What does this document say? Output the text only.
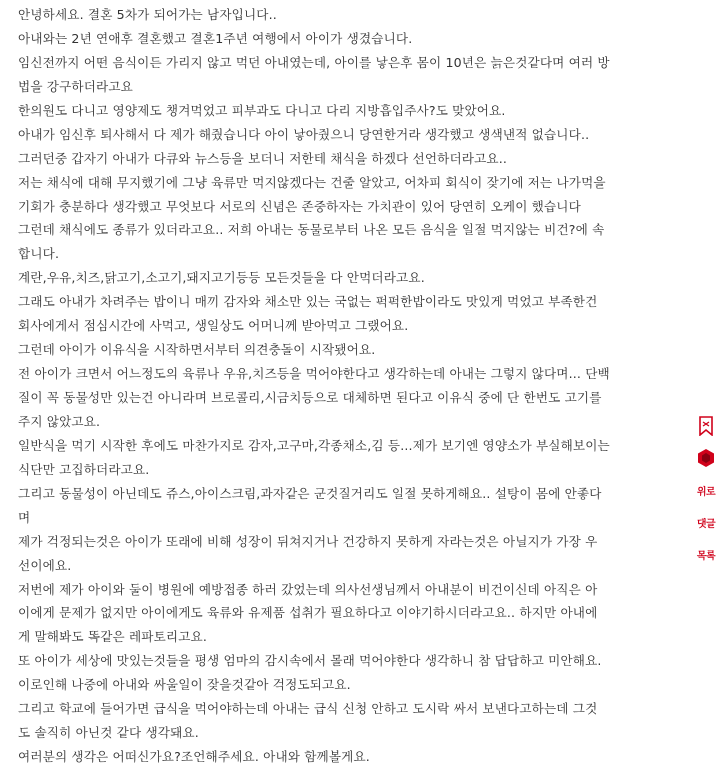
안녕하세요. 결혼 5차가 되어가는 남자입니다..
아내와는 2년 연애후 결혼했고 결혼1주년 여행에서 아이가 생겼습니다.
임신전까지 어떤 음식이든 가리지 않고 먹던 아내였는데, 아이를 낳은후 몸이 10년은 늙은것같다며 여러 방
법을 강구하더라고요
한의원도 다니고 영양제도 챙겨먹었고 피부과도 다니고 다리 지방흡입주사?도 맞았어요.
아내가 임신후 퇴사해서 다 제가 해줬습니다 아이 낳아줬으니 당연한거라 생각했고 생색낸적 없습니다..
그러던중 갑자기 아내가 다큐와 뉴스등을 보더니 저한테 채식을 하겠다 선언하더라고요..
저는 채식에 대해 무지했기에 그냥 육류만 먹지않겠다는 건줄 알았고, 어차피 회식이 잦기에 저는 나가먹을
기회가 충분하다 생각했고 무엇보다 서로의 신념은 존중하자는 가치관이 있어 당연히 오케이 했습니다
그런데 채식에도 종류가 있더라고요.. 저희 아내는 동물로부터 나온 모든 음식을 일절 먹지않는 비건?에 속
합니다.
계란,우유,치즈,닭고기,소고기,돼지고기등등 모든것들을 다 안먹더라고요.
그래도 아내가 차려주는 밥이니 매끼 감자와 채소만 있는 국없는 퍽퍽한밥이라도 맛있게 먹었고 부족한건
회사에게서 점심시간에 사먹고, 생일상도 어머니께 받아먹고 그랬어요.
그런데 아이가 이유식을 시작하면서부터 의견충돌이 시작됐어요.
전 아이가 크면서 어느정도의 육류나 우유,치즈등을 먹어야한다고 생각하는데 아내는 그렇지 않다며... 단백
질이 꼭 동물성만 있는건 아니라며 브로콜리,시금치등으로 대체하면 된다고 이유식 중에 단 한번도 고기를
주지 않았고요.
일반식을 먹기 시작한 후에도 마찬가지로 감자,고구마,각종채소,김 등...제가 보기엔 영양소가 부실해보이는
식단만 고집하더라고요.
그리고 동물성이 아닌데도 쥬스,아이스크림,과자같은 군것질거리도 일절 못하게해요.. 설탕이 몸에 안좋다
며
제가 걱정되는것은 아이가 또래에 비해 성장이 뒤쳐지거나 건강하지 못하게 자라는것은 아닐지가 가장 우
선이에요.
저번에 제가 아이와 둘이 병원에 예방접종 하러 갔었는데 의사선생님께서 아내분이 비건이신데 아직은 아
이에게 문제가 없지만 아이에게도 육류와 유제품 섭취가 필요하다고 이야기하시더라고요.. 하지만 아내에
게 말해봐도 똑같은 레파토리고요.
또 아이가 세상에 맛있는것들을 평생 엄마의 감시속에서 몰래 먹어야한다 생각하니 참 답답하고 미안해요.
이로인해 나중에 아내와 싸울일이 잦을것같아 걱정도되고요.
그리고 학교에 들어가면 급식을 먹어야하는데 아내는 급식 신청 안하고 도시락 싸서 보낸다고하는데 그것
도 솔직히 아닌것 같다 생각돼요.
여러분의 생각은 어떠신가요?조언해주세요. 아내와 함께볼게요.
위로
댓글
목록
